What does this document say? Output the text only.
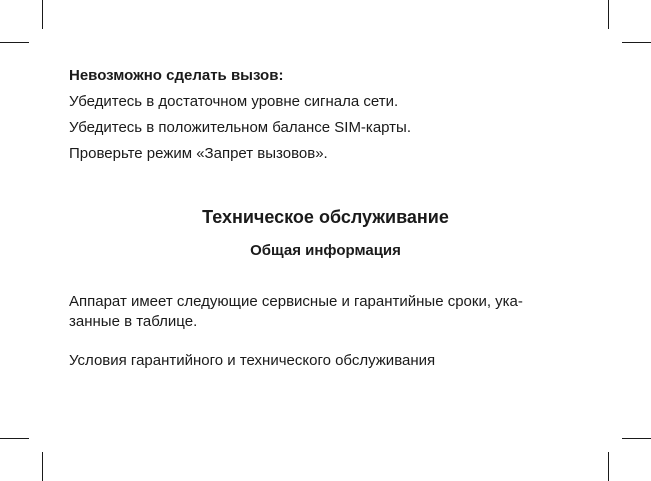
Невозможно сделать вызов:

Убедитесь в достаточном уровне сигнала сети.

Убедитесь в положительном балансе SIM-карты.

Проверьте режим «Запрет вызовов».

Техническое обслуживание
Общая информация
Аппарат имеет следующие сервисные и гарантийные сроки, ука-
занные в таблице.

Условия гарантийного и технического обслуживания
